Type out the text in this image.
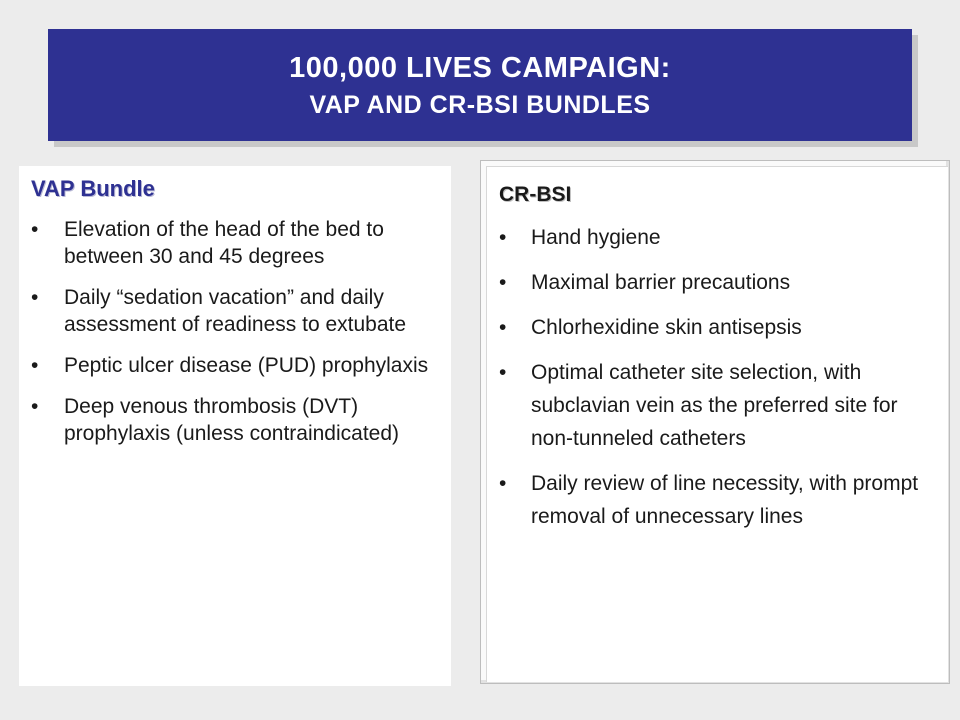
100,000 LIVES CAMPAIGN:
VAP AND CR-BSI BUNDLES
VAP Bundle
•	Elevation of the head of the bed to between 30 and 45 degrees
•	Daily “sedation vacation” and daily assessment of readiness to extubate
•	Peptic ulcer disease (PUD) prophylaxis
•	Deep venous thrombosis (DVT) prophylaxis (unless contraindicated)
CR-BSI
•	Hand hygiene
•	Maximal barrier precautions
•	Chlorhexidine skin antisepsis
•	Optimal catheter site selection, with subclavian vein as the preferred site for non-tunneled catheters
•	Daily review of line necessity, with prompt removal of unnecessary lines
